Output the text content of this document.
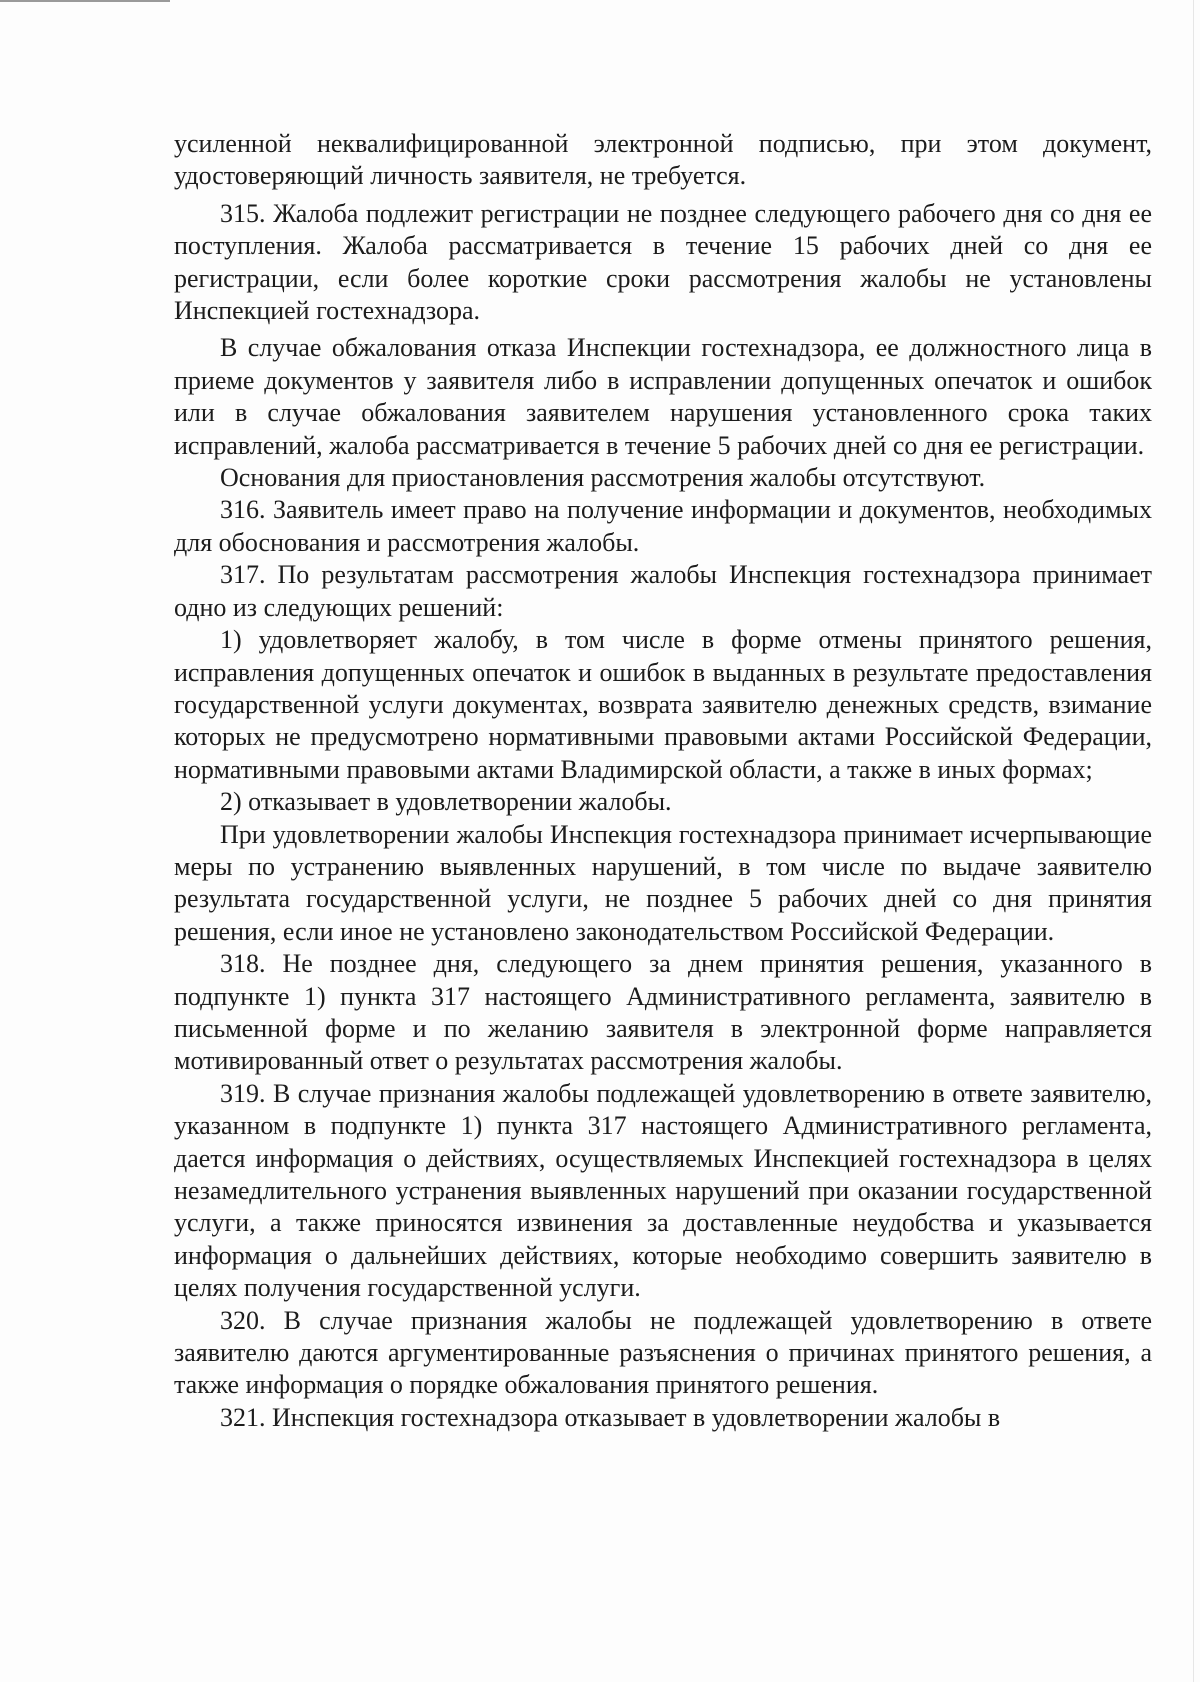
усиленной неквалифицированной электронной подписью, при этом документ, удостоверяющий личность заявителя, не требуется.

315. Жалоба подлежит регистрации не позднее следующего рабочего дня со дня ее поступления. Жалоба рассматривается в течение 15 рабочих дней со дня ее регистрации, если более короткие сроки рассмотрения жалобы не установлены Инспекцией гостехнадзора.

В случае обжалования отказа Инспекции гостехнадзора, ее должностного лица в приеме документов у заявителя либо в исправлении допущенных опечаток и ошибок или в случае обжалования заявителем нарушения установленного срока таких исправлений, жалоба рассматривается в течение 5 рабочих дней со дня ее регистрации.

Основания для приостановления рассмотрения жалобы отсутствуют.

316. Заявитель имеет право на получение информации и документов, необходимых для обоснования и рассмотрения жалобы.

317. По результатам рассмотрения жалобы Инспекция гостехнадзора принимает одно из следующих решений:

1) удовлетворяет жалобу, в том числе в форме отмены принятого решения, исправления допущенных опечаток и ошибок в выданных в результате предоставления государственной услуги документах, возврата заявителю денежных средств, взимание которых не предусмотрено нормативными правовыми актами Российской Федерации, нормативными правовыми актами Владимирской области, а также в иных формах;

2) отказывает в удовлетворении жалобы.

При удовлетворении жалобы Инспекция гостехнадзора принимает исчерпывающие меры по устранению выявленных нарушений, в том числе по выдаче заявителю результата государственной услуги, не позднее 5 рабочих дней со дня принятия решения, если иное не установлено законодательством Российской Федерации.

318. Не позднее дня, следующего за днем принятия решения, указанного в подпункте 1) пункта 317 настоящего Административного регламента, заявителю в письменной форме и по желанию заявителя в электронной форме направляется мотивированный ответ о результатах рассмотрения жалобы.

319. В случае признания жалобы подлежащей удовлетворению в ответе заявителю, указанном в подпункте 1) пункта 317 настоящего Административного регламента, дается информация о действиях, осуществляемых Инспекцией гостехнадзора в целях незамедлительного устранения выявленных нарушений при оказании государственной услуги, а также приносятся извинения за доставленные неудобства и указывается информация о дальнейших действиях, которые необходимо совершить заявителю в целях получения государственной услуги.

320. В случае признания жалобы не подлежащей удовлетворению в ответе заявителю даются аргументированные разъяснения о причинах принятого решения, а также информация о порядке обжалования принятого решения.

321. Инспекция гостехнадзора отказывает в удовлетворении жалобы в
